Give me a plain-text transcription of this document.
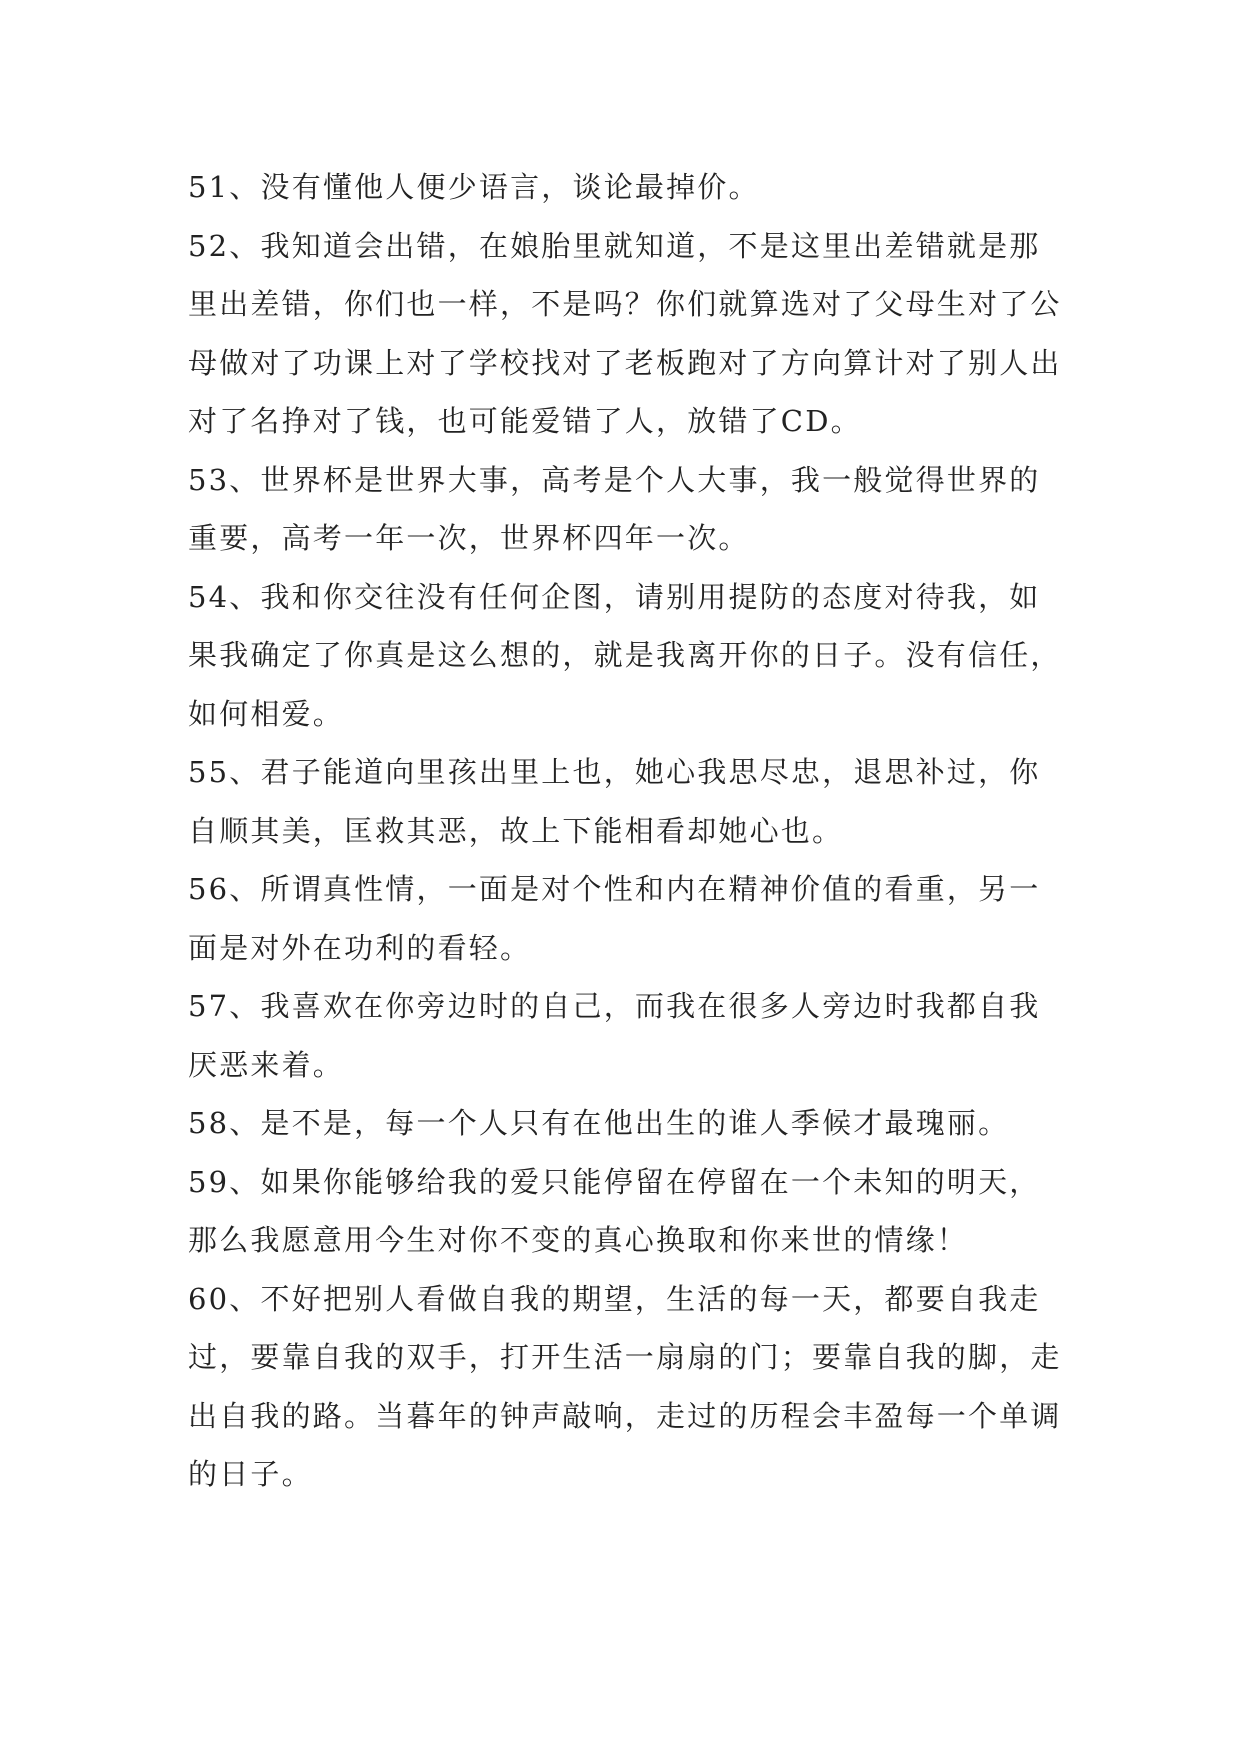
51、没有懂他人便少语言，谈论最掉价。

52、我知道会出错，在娘胎里就知道，不是这里出差错就是那里出差错，你们也一样，不是吗？你们就算选对了父母生对了公母做对了功课上对了学校找对了老板跑对了方向算计对了别人出对了名挣对了钱，也可能爱错了人，放错了CD。

53、世界杯是世界大事，高考是个人大事，我一般觉得世界的重要，高考一年一次，世界杯四年一次。

54、我和你交往没有任何企图，请别用提防的态度对待我，如果我确定了你真是这么想的，就是我离开你的日子。没有信任，如何相爱。

55、君子能道向里孩出里上也，她心我思尽忠，退思补过，你自顺其美，匡救其恶，故上下能相看却她心也。

56、所谓真性情，一面是对个性和内在精神价值的看重，另一面是对外在功利的看轻。

57、我喜欢在你旁边时的自己，而我在很多人旁边时我都自我厌恶来着。

58、是不是，每一个人只有在他出生的谁人季候才最瑰丽。

59、如果你能够给我的爱只能停留在停留在一个未知的明天，那么我愿意用今生对你不变的真心换取和你来世的情缘！

60、不好把别人看做自我的期望，生活的每一天，都要自我走过，要靠自我的双手，打开生活一扇扇的门；要靠自我的脚，走出自我的路。当暮年的钟声敲响，走过的历程会丰盈每一个单调的日子。
